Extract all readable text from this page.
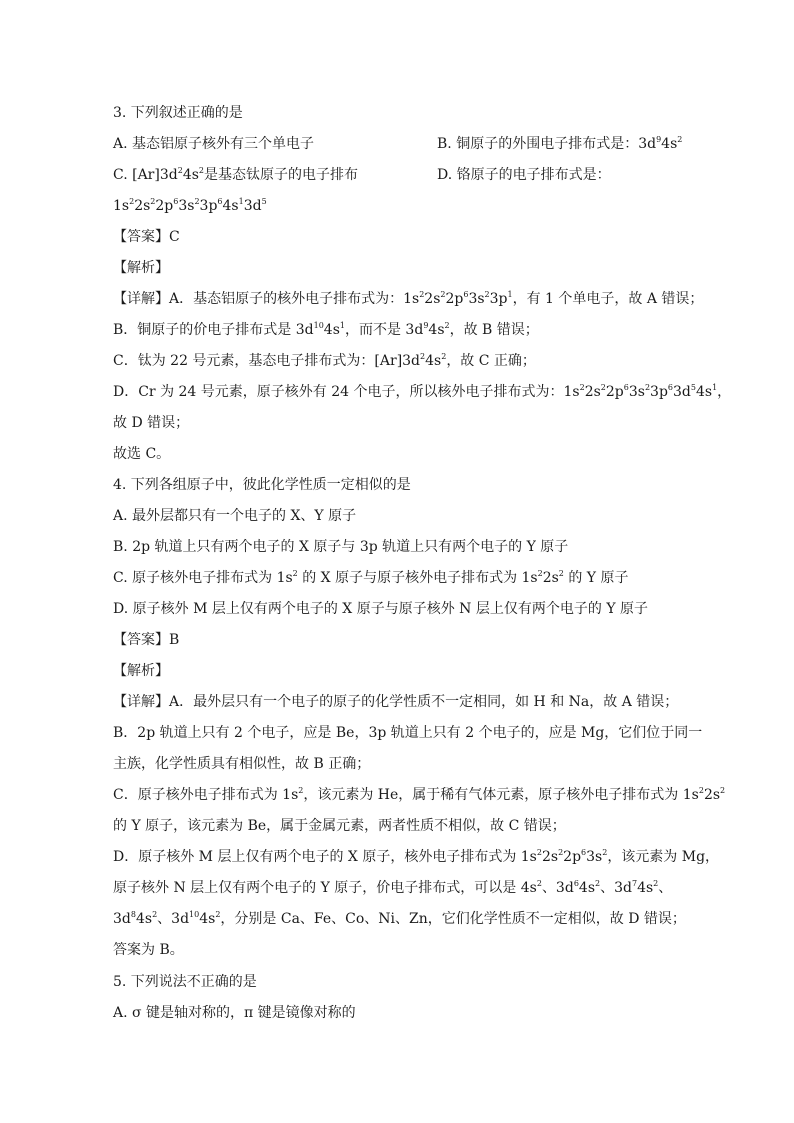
3. 下列叙述正确的是
A. 基态铝原子核外有三个单电子	B. 铜原子的外围电子排布式是：$3d^94s^2$
C. $[Ar]3d^24s^2$是基态钛原子的电子排布	D. 铬原子的电子排布式是：
$1s^22s^22p^63s^23p^64s^13d^5$
【答案】C
【解析】
【详解】A．基态铝原子的核外电子排布式为：$1s^22s^22p^63s^23p^1$，有 1 个单电子，故 A 错误；
B．铜原子的价电子排布式是 $3d^{10}4s^1$，而不是 $3d^94s^2$，故 B 错误；
C．钛为 22 号元素，基态电子排布式为：$[Ar]3d^24s^2$，故 C 正确；
D．Cr 为 24 号元素，原子核外有 24 个电子，所以核外电子排布式为：$1s^22s^22p^63s^23p^63d^54s^1$，
故 D 错误；
故选 C。
4. 下列各组原子中，彼此化学性质一定相似的是
A. 最外层都只有一个电子的 X、Y 原子
B. 2p 轨道上只有两个电子的 X 原子与 3p 轨道上只有两个电子的 Y 原子
C. 原子核外电子排布式为 $1s^2$ 的 X 原子与原子核外电子排布式为 $1s^22s^2$ 的 Y 原子
D. 原子核外 M 层上仅有两个电子的 X 原子与原子核外 N 层上仅有两个电子的 Y 原子
【答案】B
【解析】
【详解】A．最外层只有一个电子的原子的化学性质不一定相同，如 H 和 Na，故 A 错误；
B．2p 轨道上只有 2 个电子，应是 Be，3p 轨道上只有 2 个电子的，应是 Mg，它们位于同一
主族，化学性质具有相似性，故 B 正确；
C．原子核外电子排布式为 $1s^2$，该元素为 He，属于稀有气体元素，原子核外电子排布式为 $1s^22s^2$
的 Y 原子，该元素为 Be，属于金属元素，两者性质不相似，故 C 错误；
D．原子核外 M 层上仅有两个电子的 X 原子，核外电子排布式为 $1s^22s^22p^63s^2$，该元素为 Mg，
原子核外 N 层上仅有两个电子的 Y 原子，价电子排布式，可以是 $4s^2$、$3d^64s^2$、$3d^74s^2$、
$3d^84s^2$、$3d^{10}4s^2$，分别是 Ca、Fe、Co、Ni、Zn，它们化学性质不一定相似，故 D 错误；
答案为 B。
5. 下列说法不正确的是
A. σ 键是轴对称的，π 键是镜像对称的
